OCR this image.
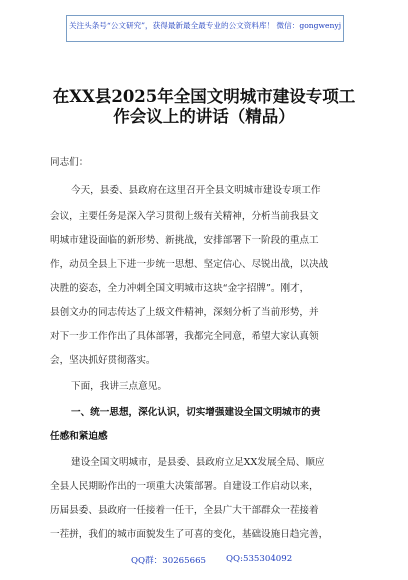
关注头条号“公文研究”，获得最新最全最专业的公文资料库！ 微信：gongwenyj
在XX县2025年全国文明城市建设专项工
作会议上的讲话（精品）
同志们：
今天，县委、县政府在这里召开全县文明城市建设专项工作
会议，主要任务是深入学习贯彻上级有关精神，分析当前我县文
明城市建设面临的新形势、新挑战，安排部署下一阶段的重点工
作，动员全县上下进一步统一思想、坚定信心、尽锐出战，以决战
决胜的姿态，全力冲刺全国文明城市这块“金字招牌”。刚才，
县创文办的同志传达了上级文件精神，深刻分析了当前形势，并
对下一步工作作出了具体部署，我都完全同意，希望大家认真领
会，坚决抓好贯彻落实。
下面，我讲三点意见。
一、统一思想，深化认识，切实增强建设全国文明城市的责
任感和紧迫感
建设全国文明城市，是县委、县政府立足XX发展全局、顺应
全县人民期盼作出的一项重大决策部署。自建设工作启动以来，
历届县委、县政府一任接着一任干，全县广大干部群众一茬接着
一茬拼，我们的城市面貌发生了可喜的变化，基础设施日趋完善，
QQ群：30265665 QQ:535304092
